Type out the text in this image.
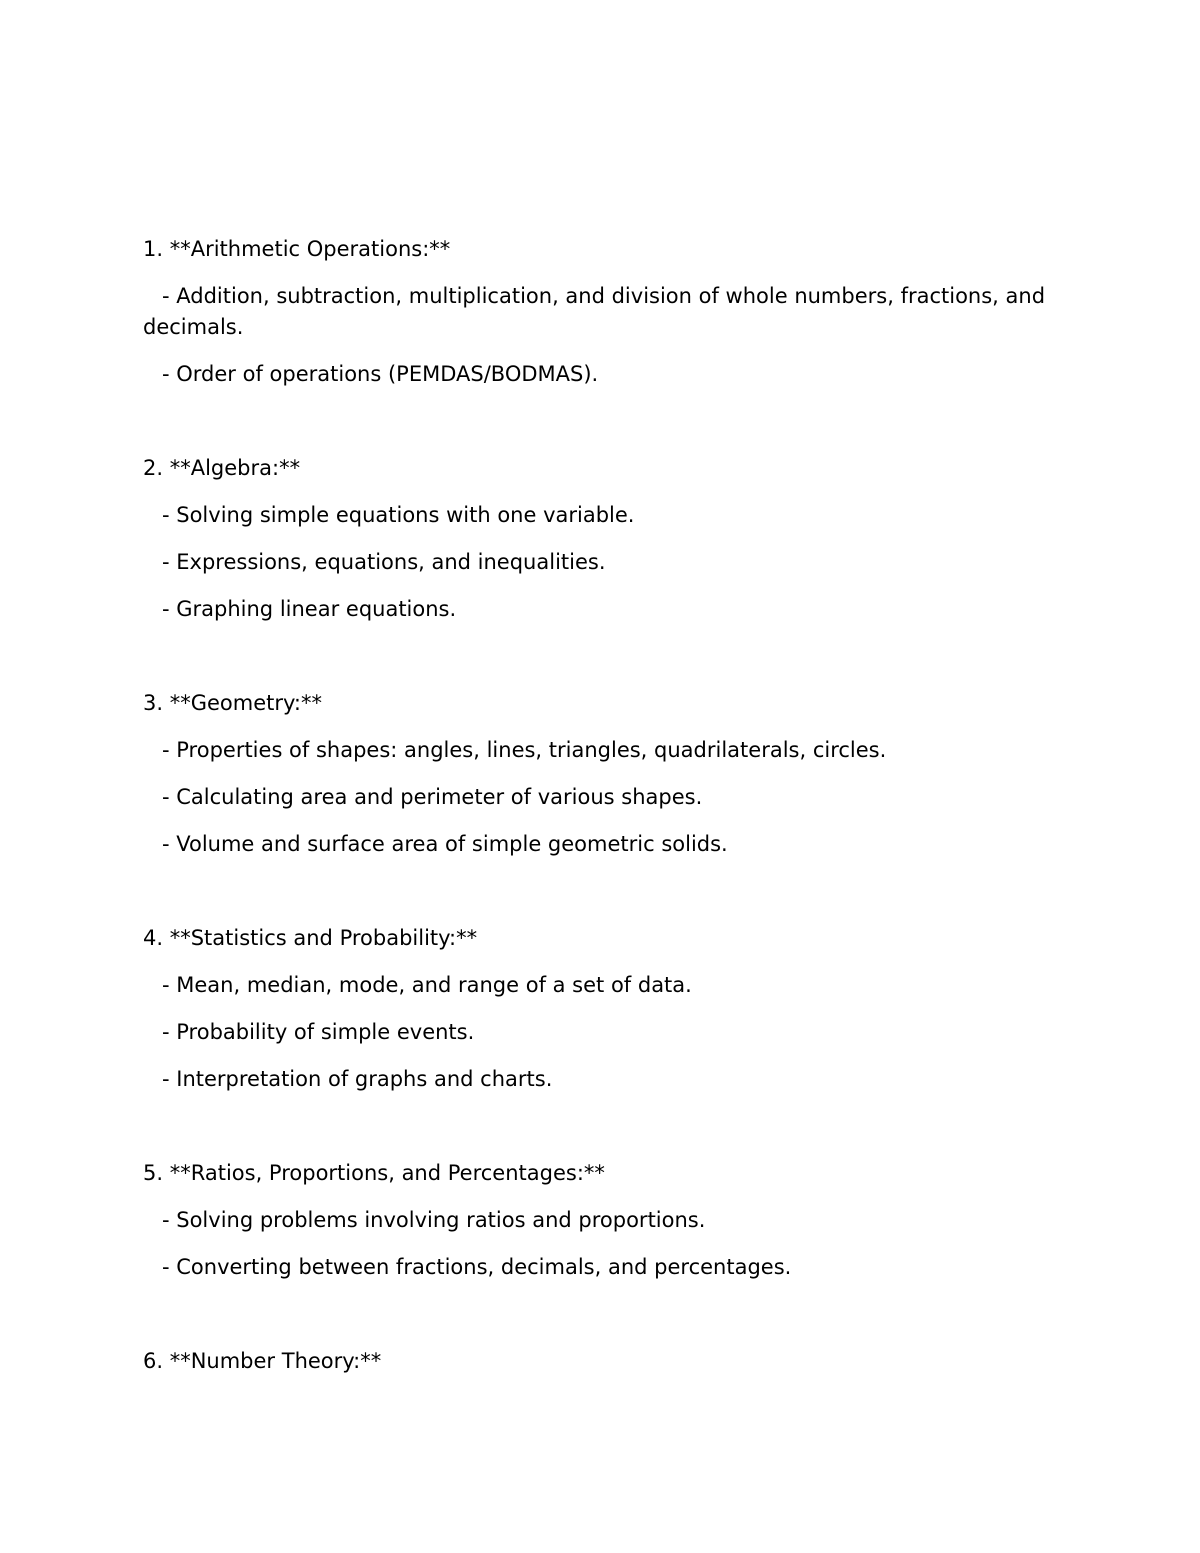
1. **Arithmetic Operations:**
- Addition, subtraction, multiplication, and division of whole numbers, fractions, and decimals.
- Order of operations (PEMDAS/BODMAS).
2. **Algebra:**
- Solving simple equations with one variable.
- Expressions, equations, and inequalities.
- Graphing linear equations.
3. **Geometry:**
- Properties of shapes: angles, lines, triangles, quadrilaterals, circles.
- Calculating area and perimeter of various shapes.
- Volume and surface area of simple geometric solids.
4. **Statistics and Probability:**
- Mean, median, mode, and range of a set of data.
- Probability of simple events.
- Interpretation of graphs and charts.
5. **Ratios, Proportions, and Percentages:**
- Solving problems involving ratios and proportions.
- Converting between fractions, decimals, and percentages.
6. **Number Theory:**
